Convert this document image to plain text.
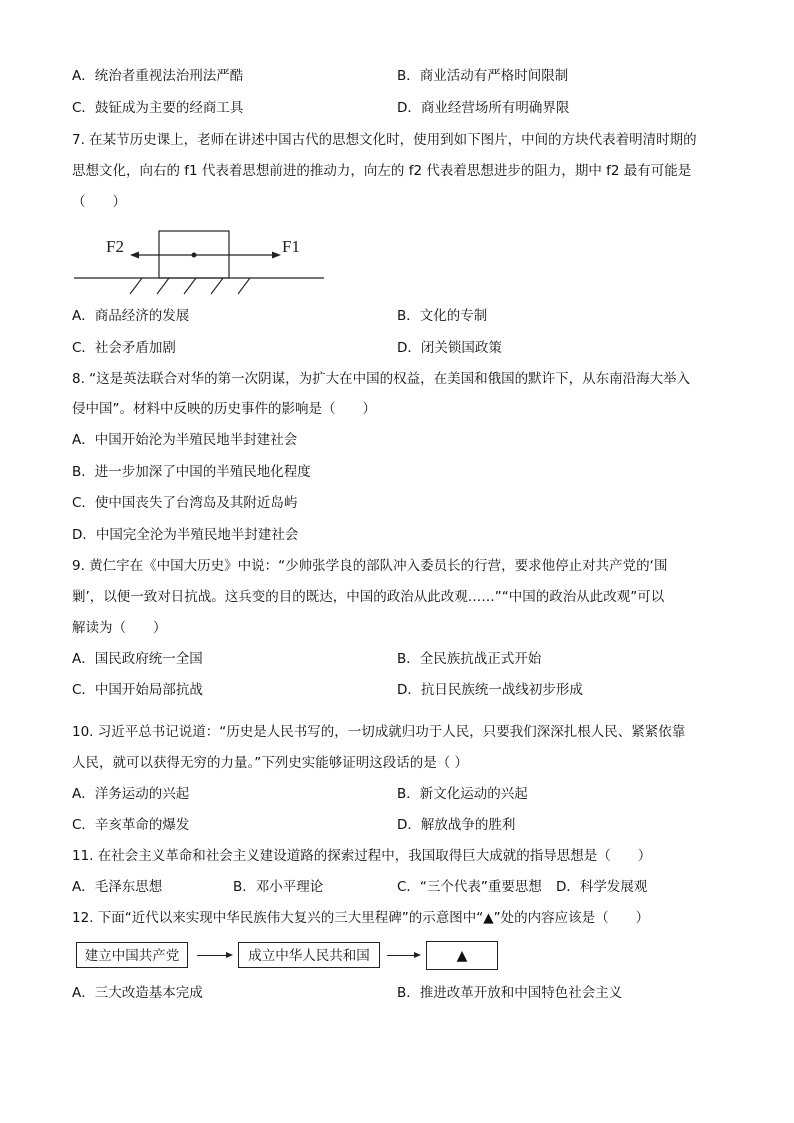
A．统治者重视法治刑法严酷	B．商业活动有严格时间限制
C．鼓钲成为主要的经商工具	D．商业经营场所有明确界限
7. 在某节历史课上，老师在讲述中国古代的思想文化时，使用到如下图片，中间的方块代表着明清时期的
思想文化，向右的 f1 代表着思想前进的推动力，向左的 f2 代表着思想进步的阻力，期中 f2 最有可能是
（　　）
F2	F1
A．商品经济的发展	B．文化的专制
C．社会矛盾加剧	D．闭关锁国政策
8. “这是英法联合对华的第一次阴谋，为扩大在中国的权益，在美国和俄国的默许下，从东南沿海大举入
侵中国”。材料中反映的历史事件的影响是（　　）
A．中国开始沦为半殖民地半封建社会
B．进一步加深了中国的半殖民地化程度
C．使中国丧失了台湾岛及其附近岛屿
D．中国完全沦为半殖民地半封建社会
9. 黄仁宇在《中国大历史》中说：“少帅张学良的部队冲入委员长的行营，要求他停止对共产党的‘围
剿’，以便一致对日抗战。这兵变的目的既达，中国的政治从此改观……”“中国的政治从此改观”可以
解读为（　　）
A．国民政府统一全国	B．全民族抗战正式开始
C．中国开始局部抗战	D．抗日民族统一战线初步形成
10. 习近平总书记说道：“历史是人民书写的，一切成就归功于人民，只要我们深深扎根人民、紧紧依靠
人民，就可以获得无穷的力量。”下列史实能够证明这段话的是（ ）
A．洋务运动的兴起	B．新文化运动的兴起
C．辛亥革命的爆发	D．解放战争的胜利
11. 在社会主义革命和社会主义建设道路的探索过程中，我国取得巨大成就的指导思想是（　　）
A．毛泽东思想	B．邓小平理论	C．“三个代表”重要思想 D．科学发展观
12. 下面“近代以来实现中华民族伟大复兴的三大里程碑”的示意图中“▲”处的内容应该是（　　）
建立中国共产党	成立中华人民共和国	▲
A．三大改造基本完成	B．推进改革开放和中国特色社会主义
